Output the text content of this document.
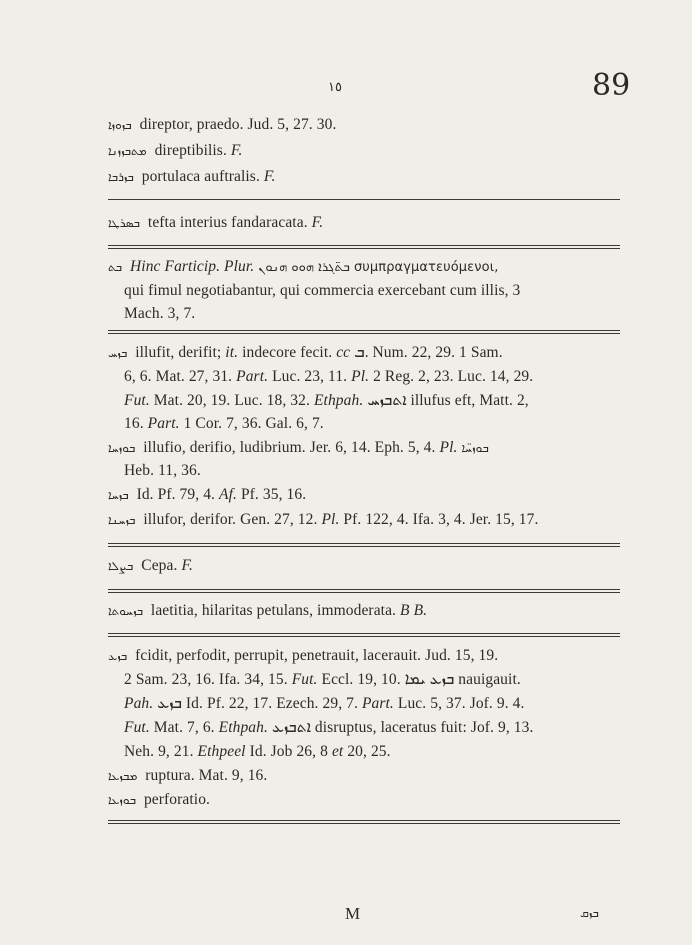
١٥	89
ܒܙܘܙܐ direptor, praedo. Jud. 5, 27. 30.
ܡܬܒܙܙܢܐ direptibilis. F.
ܒܙܪܒܐ portulaca auftralis. F.
ܒܣܪܛܐ tefta interius fandaracata. F.
ܒܬ Hinc Farticip. Plur. ܒܬ̈ܓܪܐ ܗܘܘ ܗܢܘܢ συμπραγματευόμενοι,
qui fimul negotiabantur, qui commercia exercebant cum illis, 3
Mach. 3, 7.
ܒܙܚ illufit, derifit; it. indecore fecit. cc ܒ. Num. 22, 29. 1 Sam.
6, 6. Mat. 27, 31. Part. Luc. 23, 11. Pl. 2 Reg. 2, 23. Luc. 14, 29.
Fut. Mat. 20, 19. Luc. 18, 32. Ethpah. ܐܬܒܙܚ illufus eft, Matt. 2,
16. Part. 1 Cor. 7, 36. Gal. 6, 7.
ܒܘܙܚܐ illufio, derifio, ludibrium. Jer. 6, 14. Eph. 5, 4. Pl. ܒܘܙܚ̈ܐ
Heb. 11, 36.
ܒܙܚܐ Id. Pf. 79, 4. Af. Pf. 35, 16.
ܒܙܚܢܐ illufor, derifor. Gen. 27, 12. Pl. Pf. 122, 4. Ifa. 3, 4. Jer. 15, 17.
ܒܨܠܐ Cepa. F.
ܒܙܚܘܬܐ laetitia, hilaritas petulans, immoderata. B B.
ܒܙܥ fcidit, perfodit, perrupit, penetrauit, lacerauit. Jud. 15, 19.
2 Sam. 23, 16. Ifa. 34, 15. Fut. Eccl. 19, 10. ܒܙܥ ܝܡܐ nauigauit.
Pah. ܒܙܥ Id. Pf. 22, 17. Ezech. 29, 7. Part. Luc. 5, 37. Jof. 9. 4.
Fut. Mat. 7, 6. Ethpah. ܐܬܒܙܥ disruptus, laceratus fuit: Jof. 9, 13.
Neh. 9, 21. Ethpeel Id. Job 26, 8 et 20, 25.
ܡܒܙܥܐ ruptura. Mat. 9, 16.
ܒܘܙܥܐ perforatio.
M	ܒܙܩ
